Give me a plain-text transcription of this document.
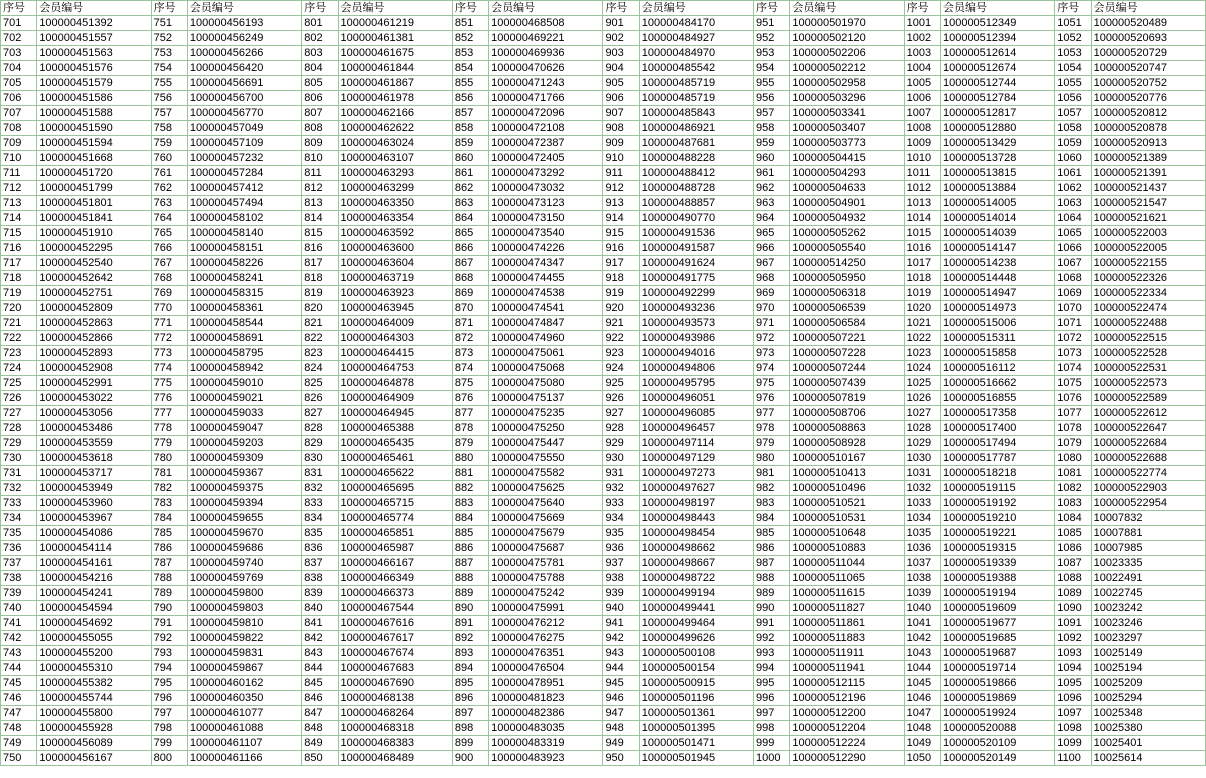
序号	会员编号	序号	会员编号	序号	会员编号	序号	会员编号	序号	会员编号	序号	会员编号	序号	会员编号	序号	会员编号
701	100000451392	751	100000456193	801	100000461219	851	100000468508	901	100000484170	951	100000501970	1001	100000512349	1051	100000520489
702	100000451557	752	100000456249	802	100000461381	852	100000469221	902	100000484927	952	100000502120	1002	100000512394	1052	100000520693
703	100000451563	753	100000456266	803	100000461675	853	100000469936	903	100000484970	953	100000502206	1003	100000512614	1053	100000520729
704	100000451576	754	100000456420	804	100000461844	854	100000470626	904	100000485542	954	100000502212	1004	100000512674	1054	100000520747
705	100000451579	755	100000456691	805	100000461867	855	100000471243	905	100000485719	955	100000502958	1005	100000512744	1055	100000520752
706	100000451586	756	100000456700	806	100000461978	856	100000471766	906	100000485719	956	100000503296	1006	100000512784	1056	100000520776
707	100000451588	757	100000456770	807	100000462166	857	100000472096	907	100000485843	957	100000503341	1007	100000512817	1057	100000520812
708	100000451590	758	100000457049	808	100000462622	858	100000472108	908	100000486921	958	100000503407	1008	100000512880	1058	100000520878
709	100000451594	759	100000457109	809	100000463024	859	100000472387	909	100000487681	959	100000503773	1009	100000513429	1059	100000520913
710	100000451668	760	100000457232	810	100000463107	860	100000472405	910	100000488228	960	100000504415	1010	100000513728	1060	100000521389
711	100000451720	761	100000457284	811	100000463293	861	100000473292	911	100000488412	961	100000504293	1011	100000513815	1061	100000521391
712	100000451799	762	100000457412	812	100000463299	862	100000473032	912	100000488728	962	100000504633	1012	100000513884	1062	100000521437
713	100000451801	763	100000457494	813	100000463350	863	100000473123	913	100000488857	963	100000504901	1013	100000514005	1063	100000521547
714	100000451841	764	100000458102	814	100000463354	864	100000473150	914	100000490770	964	100000504932	1014	100000514014	1064	100000521621
715	100000451910	765	100000458140	815	100000463592	865	100000473540	915	100000491536	965	100000505262	1015	100000514039	1065	100000522003
716	100000452295	766	100000458151	816	100000463600	866	100000474226	916	100000491587	966	100000505540	1016	100000514147	1066	100000522005
717	100000452540	767	100000458226	817	100000463604	867	100000474347	917	100000491624	967	100000514250	1017	100000514238	1067	100000522155
718	100000452642	768	100000458241	818	100000463719	868	100000474455	918	100000491775	968	100000505950	1018	100000514448	1068	100000522326
719	100000452751	769	100000458315	819	100000463923	869	100000474538	919	100000492299	969	100000506318	1019	100000514947	1069	100000522334
720	100000452809	770	100000458361	820	100000463945	870	100000474541	920	100000493236	970	100000506539	1020	100000514973	1070	100000522474
721	100000452863	771	100000458544	821	100000464009	871	100000474847	921	100000493573	971	100000506584	1021	100000515006	1071	100000522488
722	100000452866	772	100000458691	822	100000464303	872	100000474960	922	100000493986	972	100000507221	1022	100000515311	1072	100000522515
723	100000452893	773	100000458795	823	100000464415	873	100000475061	923	100000494016	973	100000507228	1023	100000515858	1073	100000522528
724	100000452908	774	100000458942	824	100000464753	874	100000475068	924	100000494806	974	100000507244	1024	100000516112	1074	100000522531
725	100000452991	775	100000459010	825	100000464878	875	100000475080	925	100000495795	975	100000507439	1025	100000516662	1075	100000522573
726	100000453022	776	100000459021	826	100000464909	876	100000475137	926	100000496051	976	100000507819	1026	100000516855	1076	100000522589
727	100000453056	777	100000459033	827	100000464945	877	100000475235	927	100000496085	977	100000508706	1027	100000517358	1077	100000522612
728	100000453486	778	100000459047	828	100000465388	878	100000475250	928	100000496457	978	100000508863	1028	100000517400	1078	100000522647
729	100000453559	779	100000459203	829	100000465435	879	100000475447	929	100000497114	979	100000508928	1029	100000517494	1079	100000522684
730	100000453618	780	100000459309	830	100000465461	880	100000475550	930	100000497129	980	100000510167	1030	100000517787	1080	100000522688
731	100000453717	781	100000459367	831	100000465622	881	100000475582	931	100000497273	981	100000510413	1031	100000518218	1081	100000522774
732	100000453949	782	100000459375	832	100000465695	882	100000475625	932	100000497627	982	100000510496	1032	100000519115	1082	100000522903
733	100000453960	783	100000459394	833	100000465715	883	100000475640	933	100000498197	983	100000510521	1033	100000519192	1083	100000522954
734	100000453967	784	100000459655	834	100000465774	884	100000475669	934	100000498443	984	100000510531	1034	100000519210	1084	10007832
735	100000454086	785	100000459670	835	100000465851	885	100000475679	935	100000498454	985	100000510648	1035	100000519221	1085	10007881
736	100000454114	786	100000459686	836	100000465987	886	100000475687	936	100000498662	986	100000510883	1036	100000519315	1086	10007985
737	100000454161	787	100000459740	837	100000466167	887	100000475781	937	100000498667	987	100000511044	1037	100000519339	1087	10023335
738	100000454216	788	100000459769	838	100000466349	888	100000475788	938	100000498722	988	100000511065	1038	100000519388	1088	10022491
739	100000454241	789	100000459800	839	100000466373	889	100000475242	939	100000499194	989	100000511615	1039	100000519194	1089	10022745
740	100000454594	790	100000459803	840	100000467544	890	100000475991	940	100000499441	990	100000511827	1040	100000519609	1090	10023242
741	100000454692	791	100000459810	841	100000467616	891	100000476212	941	100000499464	991	100000511861	1041	100000519677	1091	10023246
742	100000455055	792	100000459822	842	100000467617	892	100000476275	942	100000499626	992	100000511883	1042	100000519685	1092	10023297
743	100000455200	793	100000459831	843	100000467674	893	100000476351	943	100000500108	993	100000511911	1043	100000519687	1093	10025149
744	100000455310	794	100000459867	844	100000467683	894	100000476504	944	100000500154	994	100000511941	1044	100000519714	1094	10025194
745	100000455382	795	100000460162	845	100000467690	895	100000478951	945	100000500915	995	100000512115	1045	100000519866	1095	10025209
746	100000455744	796	100000460350	846	100000468138	896	100000481823	946	100000501196	996	100000512196	1046	100000519869	1096	10025294
747	100000455800	797	100000461077	847	100000468264	897	100000482386	947	100000501361	997	100000512200	1047	100000519924	1097	10025348
748	100000455928	798	100000461088	848	100000468318	898	100000483035	948	100000501395	998	100000512204	1048	100000520088	1098	10025380
749	100000456089	799	100000461107	849	100000468383	899	100000483319	949	100000501471	999	100000512224	1049	100000520109	1099	10025401
750	100000456167	800	100000461166	850	100000468489	900	100000483923	950	100000501945	1000	100000512290	1050	100000520149	1100	10025614
